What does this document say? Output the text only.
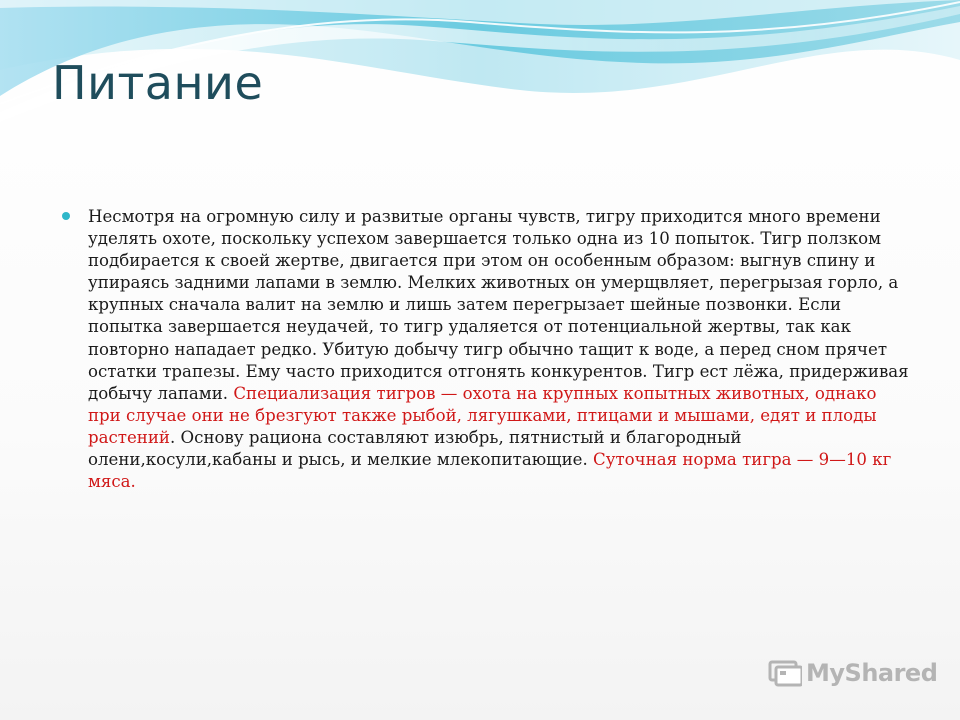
Питание

Несмотря на огромную силу и развитые органы чувств, тигру приходится много времени уделять охоте, поскольку успехом завершается только одна из 10 попыток. Тигр ползком подбирается к своей жертве, двигается при этом он особенным образом: выгнув спину и упираясь задними лапами в землю. Мелких животных он умерщвляет, перегрызая горло, а крупных сначала валит на землю и лишь затем перегрызает шейные позвонки. Если попытка завершается неудачей, то тигр удаляется от потенциальной жертвы, так как повторно нападает редко. Убитую добычу тигр обычно тащит к воде, а перед сном прячет остатки трапезы. Ему часто приходится отгонять конкурентов. Тигр ест лёжа, придерживая добычу лапами. Специализация тигров — охота на крупных копытных животных, однако при случае они не брезгуют также рыбой, лягушками, птицами и мышами, едят и плоды растений. Основу рациона составляют изюбрь, пятнистый и благородный олени,косули,кабаны и рысь, и мелкие млекопитающие. Суточная норма тигра — 9—10 кг мяса.

MyShared
